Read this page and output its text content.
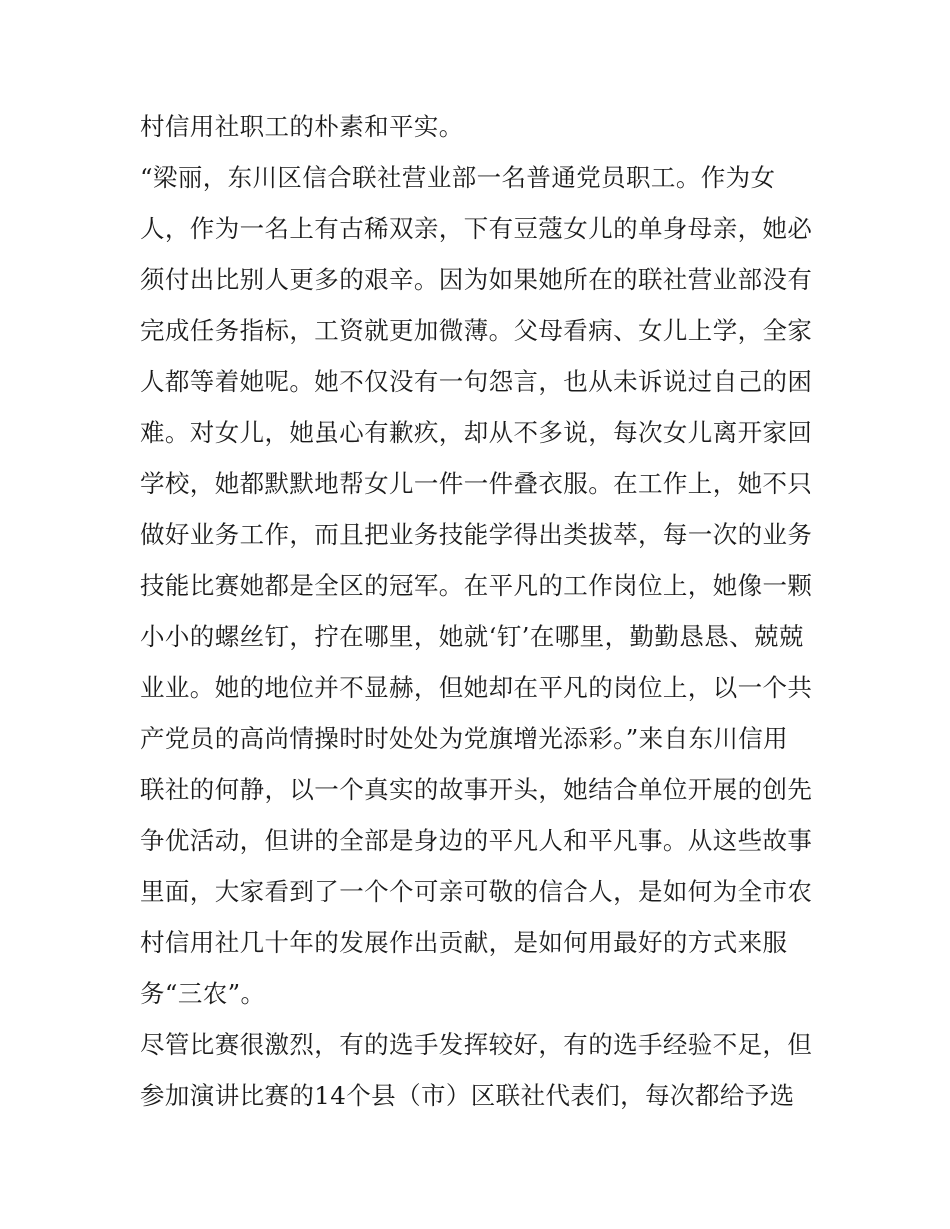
村信用社职工的朴素和平实。
“梁丽，东川区信合联社营业部一名普通党员职工。作为女
人，作为一名上有古稀双亲，下有豆蔻女儿的单身母亲，她必
须付出比别人更多的艰辛。因为如果她所在的联社营业部没有
完成任务指标，工资就更加微薄。父母看病、女儿上学，全家
人都等着她呢。她不仅没有一句怨言，也从未诉说过自己的困
难。对女儿，她虽心有歉疚，却从不多说，每次女儿离开家回
学校，她都默默地帮女儿一件一件叠衣服。在工作上，她不只
做好业务工作，而且把业务技能学得出类拔萃，每一次的业务
技能比赛她都是全区的冠军。在平凡的工作岗位上，她像一颗
小小的螺丝钉，拧在哪里，她就‘钉’在哪里，勤勤恳恳、兢兢
业业。她的地位并不显赫，但她却在平凡的岗位上，以一个共
产党员的高尚情操时时处处为党旗增光添彩。”来自东川信用
联社的何静，以一个真实的故事开头，她结合单位开展的创先
争优活动，但讲的全部是身边的平凡人和平凡事。从这些故事
里面，大家看到了一个个可亲可敬的信合人，是如何为全市农
村信用社几十年的发展作出贡献，是如何用最好的方式来服
务“三农”。
尽管比赛很激烈，有的选手发挥较好，有的选手经验不足，但
参加演讲比赛的14个县（市）区联社代表们，每次都给予选
